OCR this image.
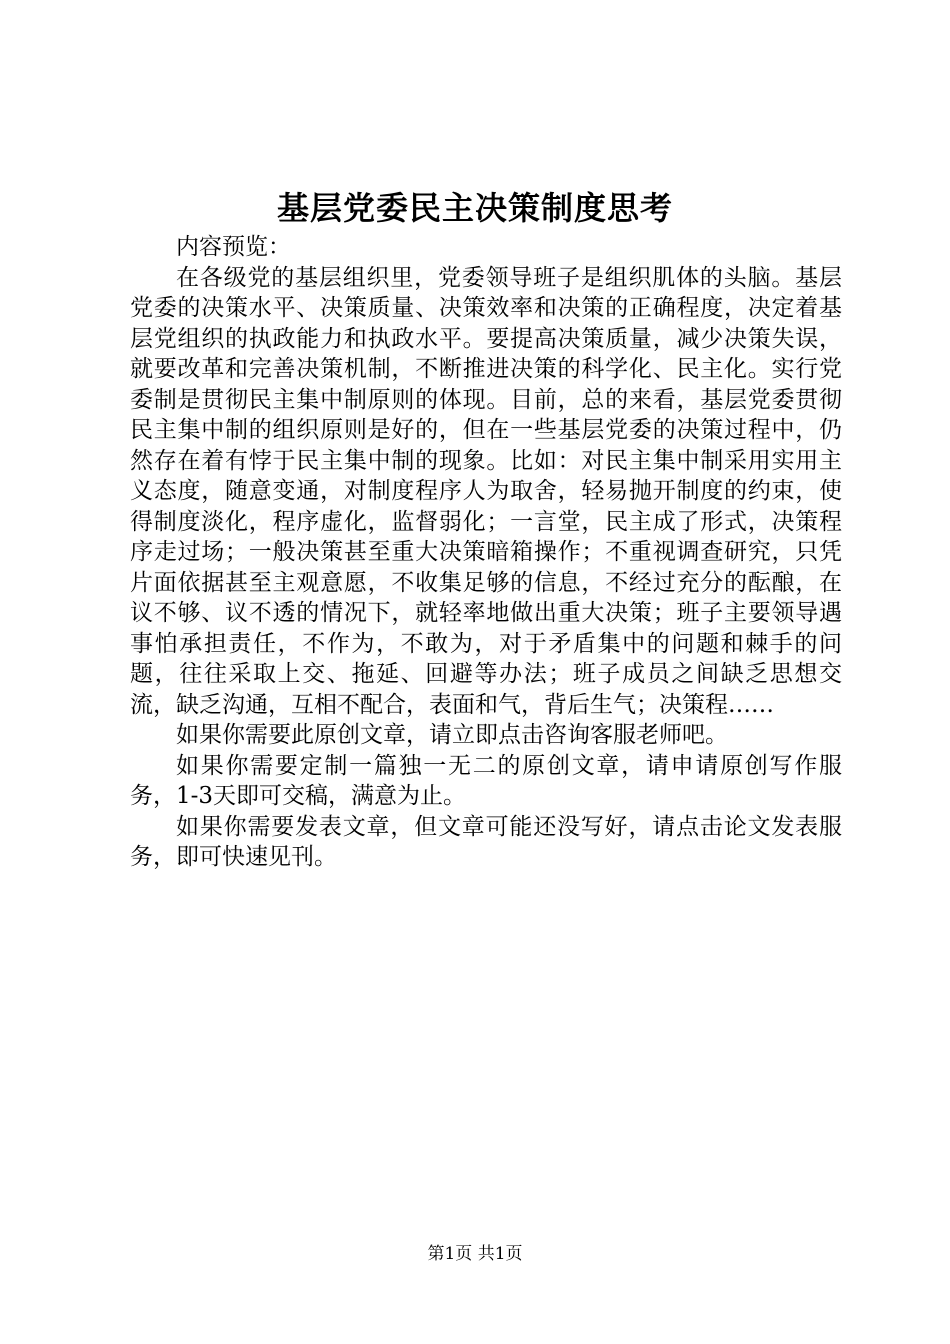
基层党委民主决策制度思考

内容预览：

在各级党的基层组织里，党委领导班子是组织肌体的头脑。基层党委的决策水平、决策质量、决策效率和决策的正确程度，决定着基层党组织的执政能力和执政水平。要提高决策质量，减少决策失误，就要改革和完善决策机制，不断推进决策的科学化、民主化。实行党委制是贯彻民主集中制原则的体现。目前，总的来看，基层党委贯彻民主集中制的组织原则是好的，但在一些基层党委的决策过程中，仍然存在着有悖于民主集中制的现象。比如：对民主集中制采用实用主义态度，随意变通，对制度程序人为取舍，轻易抛开制度的约束，使得制度淡化，程序虚化，监督弱化；一言堂，民主成了形式，决策程序走过场；一般决策甚至重大决策暗箱操作；不重视调查研究，只凭片面依据甚至主观意愿，不收集足够的信息，不经过充分的酝酿，在议不够、议不透的情况下，就轻率地做出重大决策；班子主要领导遇事怕承担责任，不作为，不敢为，对于矛盾集中的问题和棘手的问题，往往采取上交、拖延、回避等办法；班子成员之间缺乏思想交流，缺乏沟通，互相不配合，表面和气，背后生气；决策程……

如果你需要此原创文章，请立即点击咨询客服老师吧。

如果你需要定制一篇独一无二的原创文章，请申请原创写作服务，1-3天即可交稿，满意为止。

如果你需要发表文章，但文章可能还没写好，请点击论文发表服务，即可快速见刊。

第1页 共1页
